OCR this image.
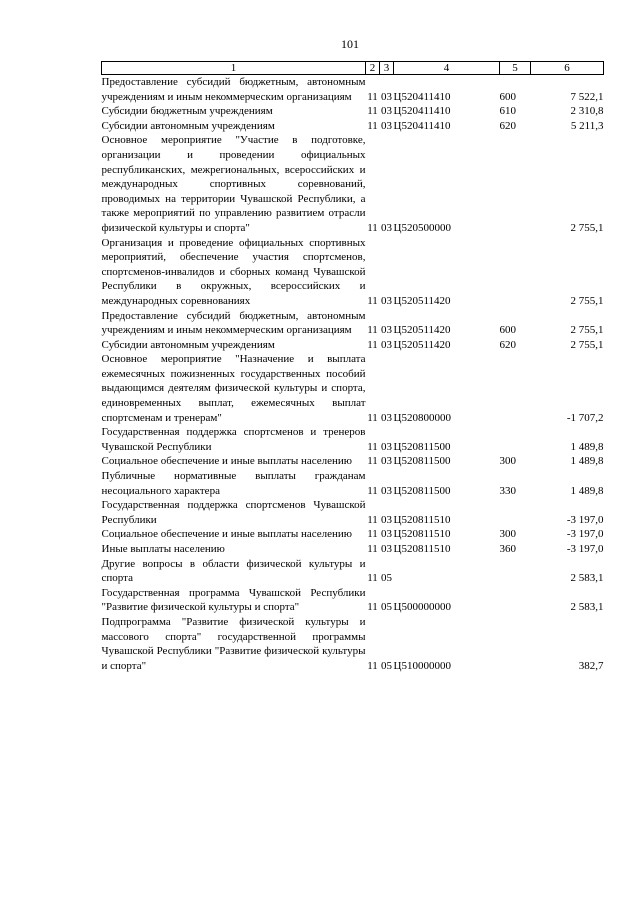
101
1	2	3	4	5	6
Предоставление субсидий бюджетным, автономным учреждениям и иным некоммерческим организациям	11	03	Ц520411410	600	7 522,1
Субсидии бюджетным учреждениям	11	03	Ц520411410	610	2 310,8
Субсидии автономным учреждениям	11	03	Ц520411410	620	5 211,3
Основное мероприятие "Участие в подготовке, организации и проведении официальных республиканских, межрегиональных, всероссийских и международных спортивных соревнований, проводимых на территории Чувашской Республики, а также мероприятий по управлению развитием отрасли физической культуры и спорта"	11	03	Ц520500000		2 755,1
Организация и проведение официальных спортивных мероприятий, обеспечение участия спортсменов, спортсменов-инвалидов и сборных команд Чувашской Республики в окружных, всероссийских и международных соревнованиях	11	03	Ц520511420		2 755,1
Предоставление субсидий бюджетным, автономным учреждениям и иным некоммерческим организациям	11	03	Ц520511420	600	2 755,1
Субсидии автономным учреждениям	11	03	Ц520511420	620	2 755,1
Основное мероприятие "Назначение и выплата ежемесячных пожизненных государственных пособий выдающимся деятелям физической культуры и спорта, единовременных выплат, ежемесячных выплат спортсменам и тренерам"	11	03	Ц520800000		-1 707,2
Государственная поддержка спортсменов и тренеров Чувашской Республики	11	03	Ц520811500		1 489,8
Социальное обеспечение и иные выплаты населению	11	03	Ц520811500	300	1 489,8
Публичные нормативные выплаты гражданам несоциального характера	11	03	Ц520811500	330	1 489,8
Государственная поддержка спортсменов Чувашской Республики	11	03	Ц520811510		-3 197,0
Социальное обеспечение и иные выплаты населению	11	03	Ц520811510	300	-3 197,0
Иные выплаты населению	11	03	Ц520811510	360	-3 197,0
Другие вопросы в области физической культуры и спорта	11	05			2 583,1
Государственная программа Чувашской Республики "Развитие физической культуры и спорта"	11	05	Ц500000000		2 583,1
Подпрограмма "Развитие физической культуры и массового спорта" государственной программы Чувашской Республики "Развитие физической культуры и спорта"	11	05	Ц510000000		382,7
